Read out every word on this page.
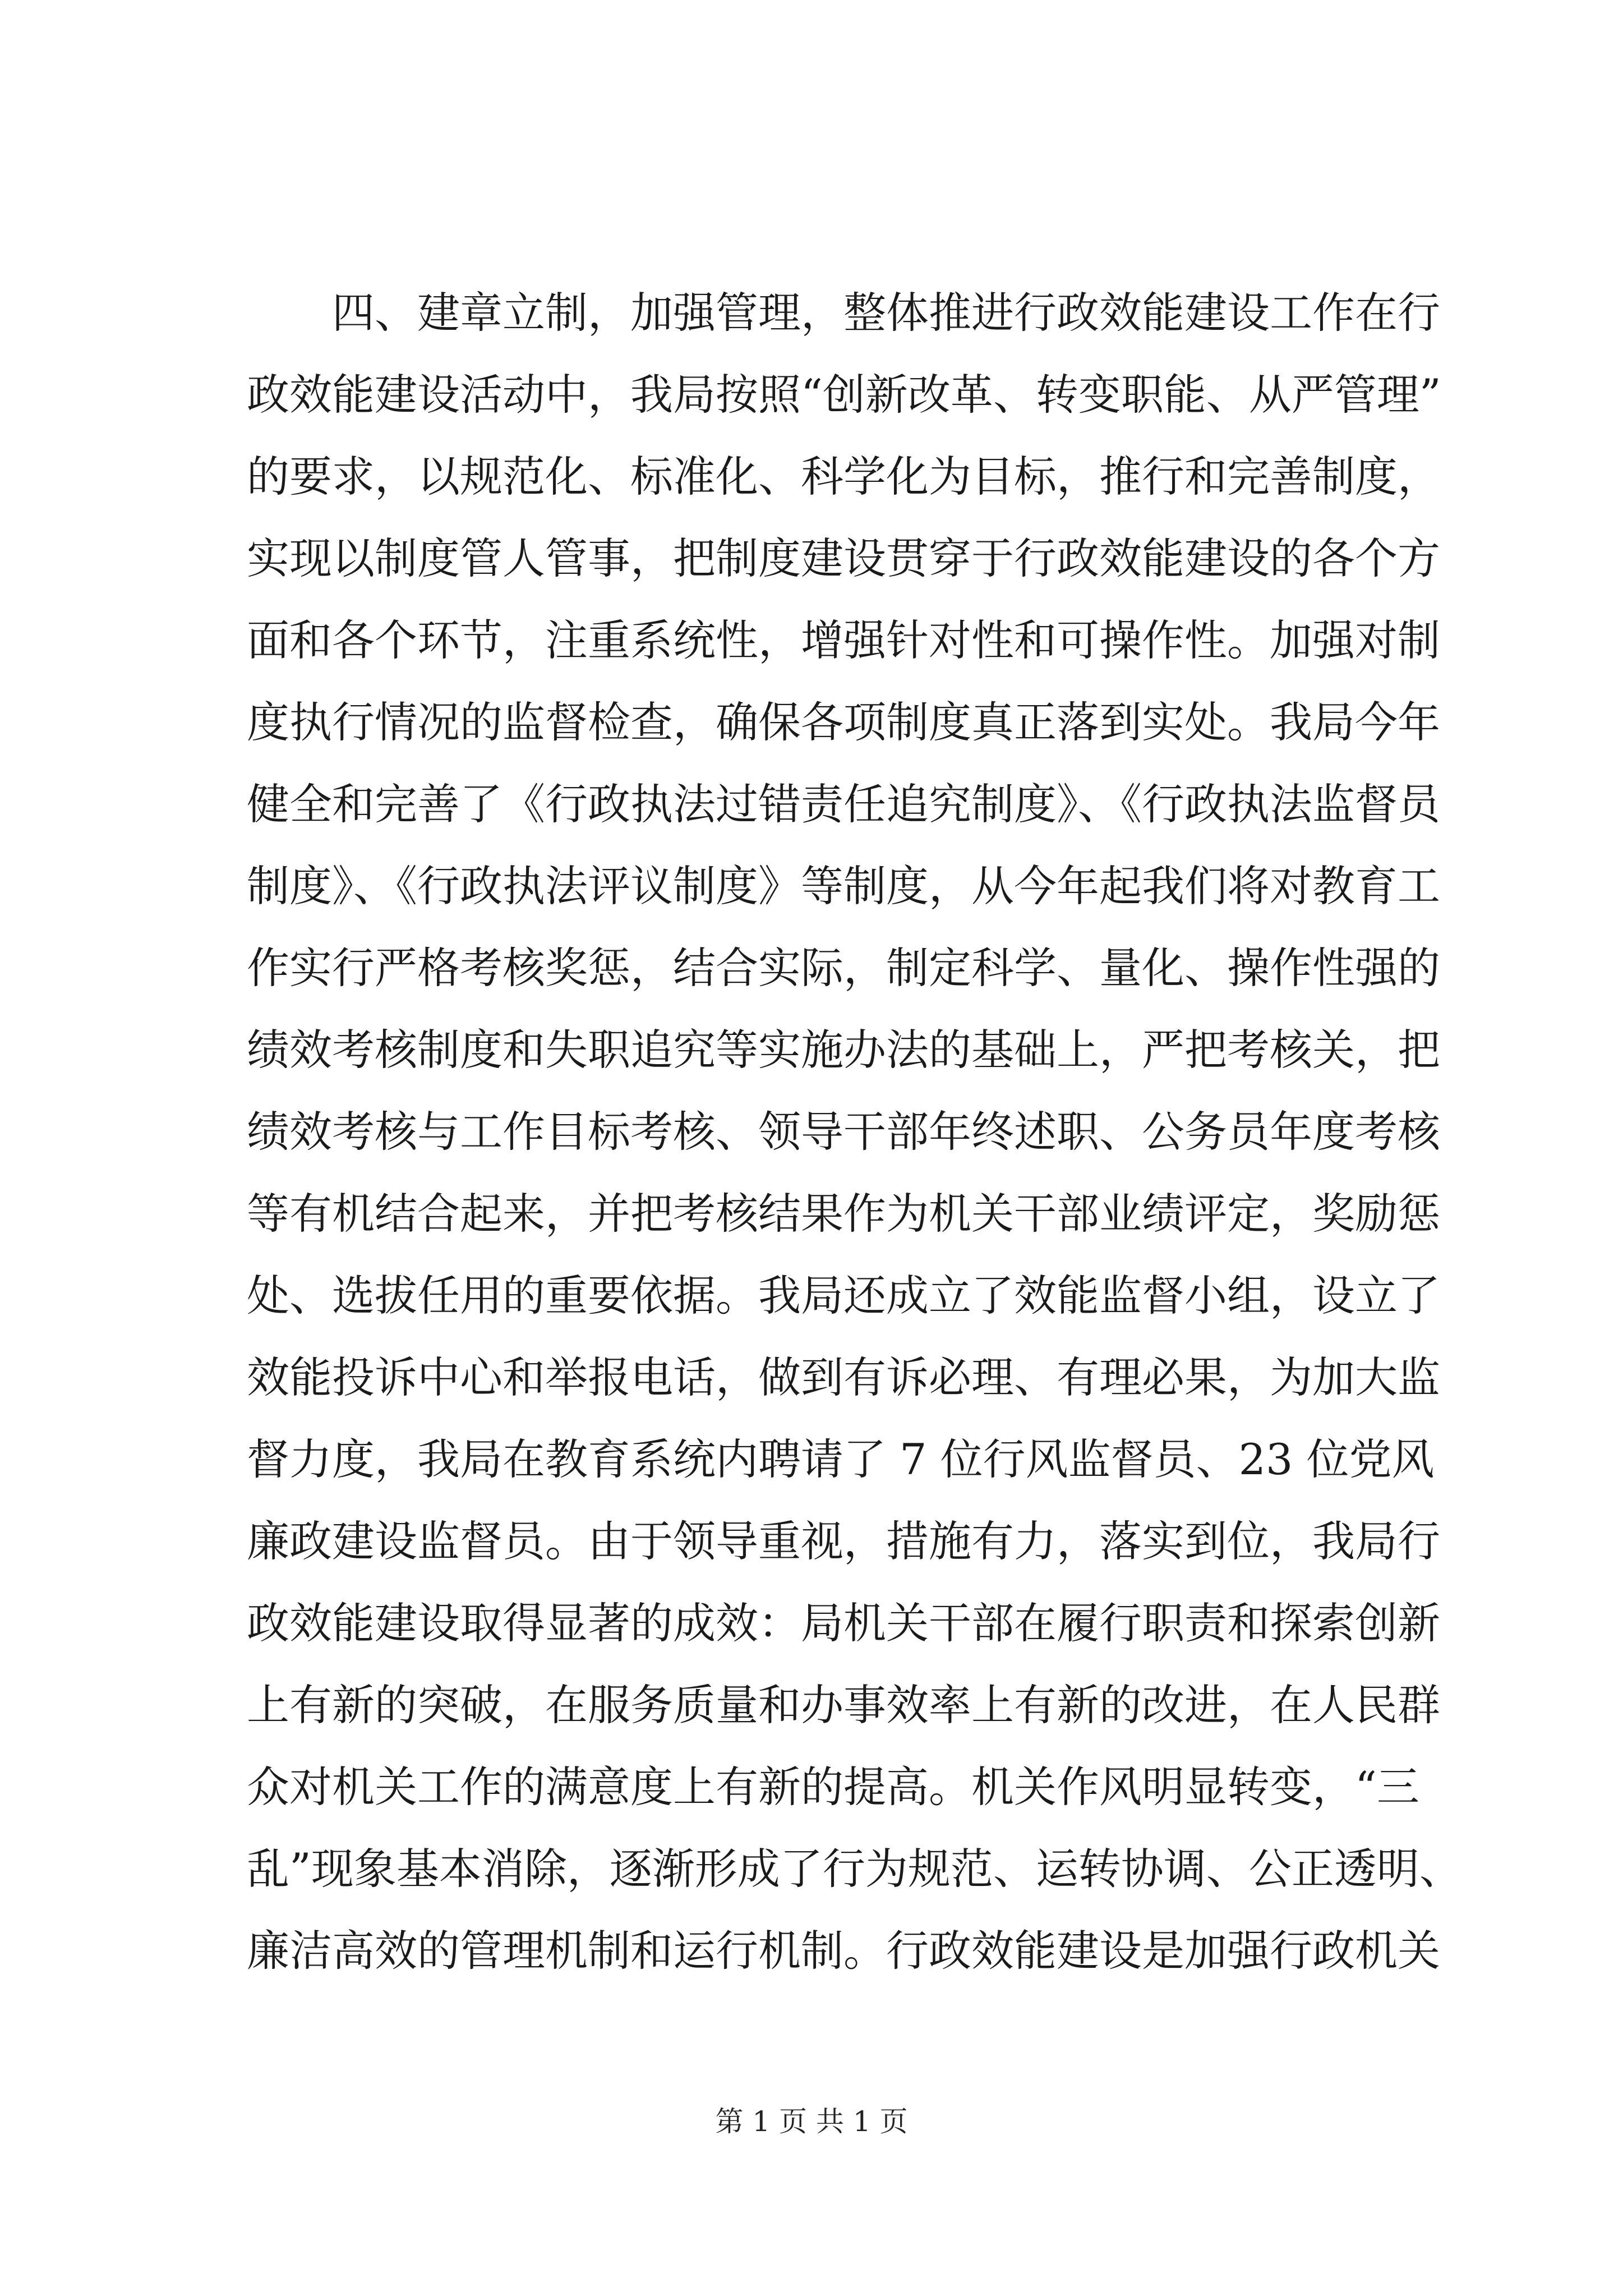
四、建章立制，加强管理，整体推进行政效能建设工作在行
政效能建设活动中，我局按照“创新改革、转变职能、从严管理”
的要求，以规范化、标准化、科学化为目标，推行和完善制度，
实现以制度管人管事，把制度建设贯穿于行政效能建设的各个方
面和各个环节，注重系统性，增强针对性和可操作性。加强对制
度执行情况的监督检查，确保各项制度真正落到实处。我局今年
健全和完善了《行政执法过错责任追究制度》、《行政执法监督员
制度》、《行政执法评议制度》等制度，从今年起我们将对教育工
作实行严格考核奖惩，结合实际，制定科学、量化、操作性强的
绩效考核制度和失职追究等实施办法的基础上，严把考核关，把
绩效考核与工作目标考核、领导干部年终述职、公务员年度考核
等有机结合起来，并把考核结果作为机关干部业绩评定，奖励惩
处、选拔任用的重要依据。我局还成立了效能监督小组，设立了
效能投诉中心和举报电话，做到有诉必理、有理必果，为加大监
督力度，我局在教育系统内聘请了 7 位行风监督员、23 位党风
廉政建设监督员。由于领导重视，措施有力，落实到位，我局行
政效能建设取得显著的成效：局机关干部在履行职责和探索创新
上有新的突破，在服务质量和办事效率上有新的改进，在人民群
众对机关工作的满意度上有新的提高。机关作风明显转变，“三
乱”现象基本消除，逐渐形成了行为规范、运转协调、公正透明、
廉洁高效的管理机制和运行机制。行政效能建设是加强行政机关
第 1 页 共 1 页
